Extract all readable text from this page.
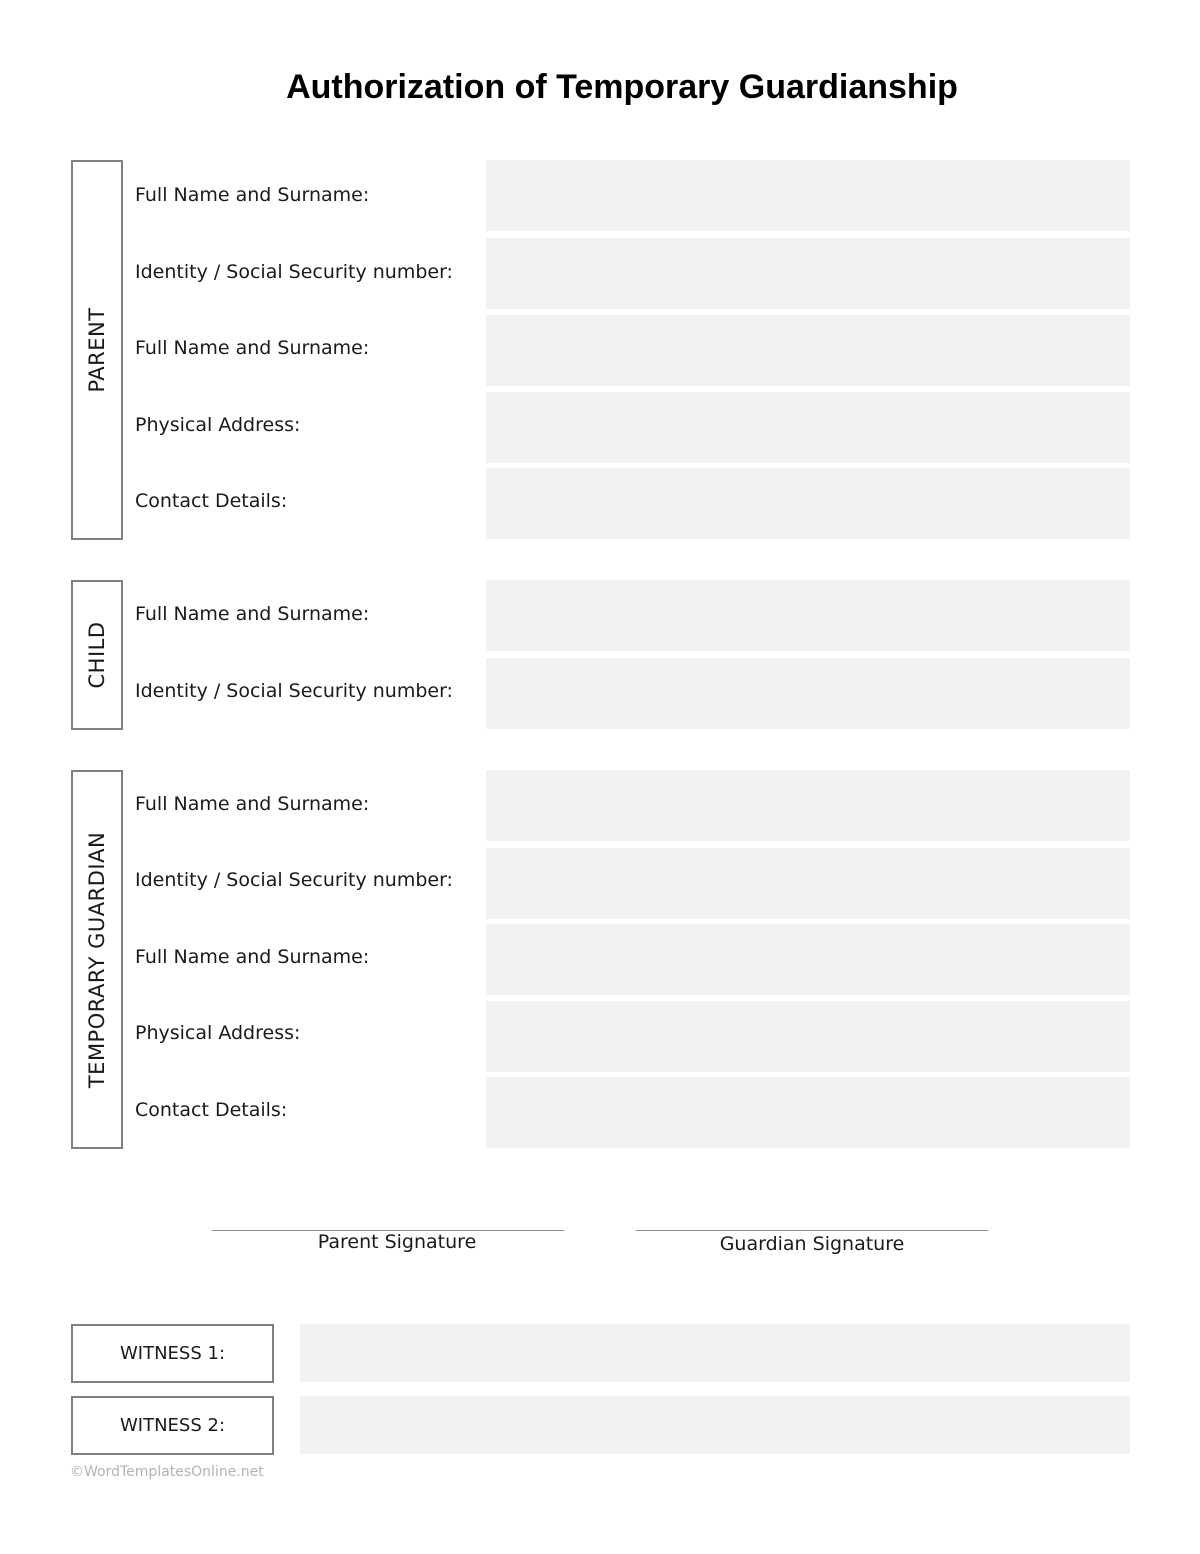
Authorization of Temporary Guardianship
PARENT
Full Name and Surname:
Identity / Social Security number:
Full Name and Surname:
Physical Address:
Contact Details:
CHILD
Full Name and Surname:
Identity / Social Security number:
TEMPORARY GUARDIAN
Full Name and Surname:
Identity / Social Security number:
Full Name and Surname:
Physical Address:
Contact Details:
Parent Signature	Guardian Signature
WITNESS 1:
WITNESS 2:
©WordTemplatesOnline.net
